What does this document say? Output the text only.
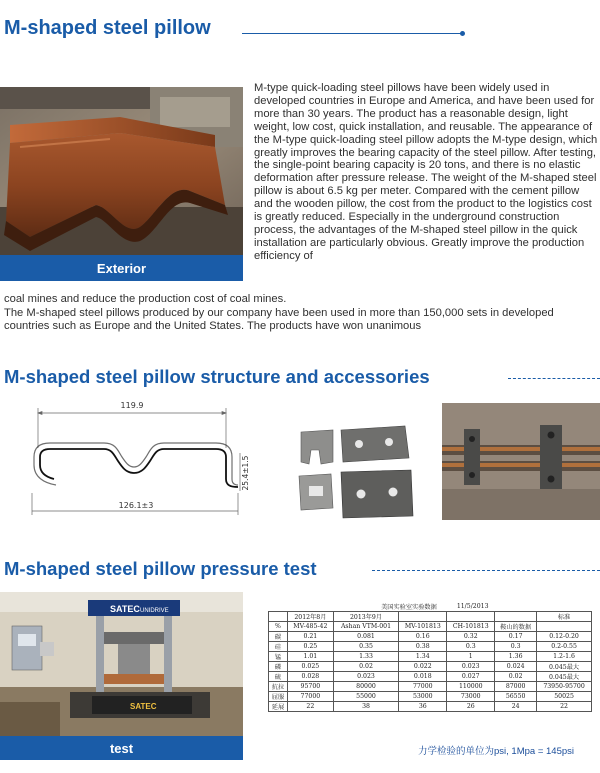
M-shaped steel pillow
Exterior
M-type quick-loading steel pillows have been widely used in developed countries in Europe and America, and have been used for more than 30 years. The product has a reasonable design, light weight, low cost, quick installation, and reusable. The appearance of the M-type quick-loading steel pillow adopts the M-type design, which greatly improves the bearing capacity of the steel pillow. After testing, the single-point bearing capacity is 20 tons, and there is no elastic deformation after pressure release. The weight of the M-shaped steel pillow is about 6.5 kg per meter. Compared with the cement pillow and the wooden pillow, the cost from the product to the logistics cost is greatly reduced. Especially in the underground construction process, the advantages of the M-shaped steel pillow in the quick installation are particularly obvious. Greatly improve the production efficiency of
coal mines and reduce the production cost of coal mines.
The M-shaped steel pillows produced by our company have been used in more than 150,000 sets in developed countries such as Europe and the United States. The products have won unanimous
M-shaped steel pillow structure and accessories
119.9
25.4±1.5
126.1±3
M-shaped steel pillow pressure test
SATEC UNIDRIVE
SATEC
test
美国实验室实验数据				11/5/2013		
	2012年8月	2013年9月				标准
%	MV-485-42	Ashan VTM-001	MV-101813	CH-101813	鞍山的数据	
碳	0.21	0.081	0.16	0.32	0.17	0.12-0.20
硅	0.25	0.35	0.38	0.3	0.3	0.2-0.55
锰	1.01	1.33	1.34	1	1.36	1.2-1.6
磷	0.025	0.02	0.022	0.023	0.024	0.045最大
硫	0.028	0.023	0.018	0.027	0.02	0.045最大
抗拉	95700	80000	77000	110000	87000	73950-95700
屈服	77000	55000	53000	73000	56550	50025
延展	22	38	36	26	24	22
力学检验的单位为psi, 1Mpa = 145psi
